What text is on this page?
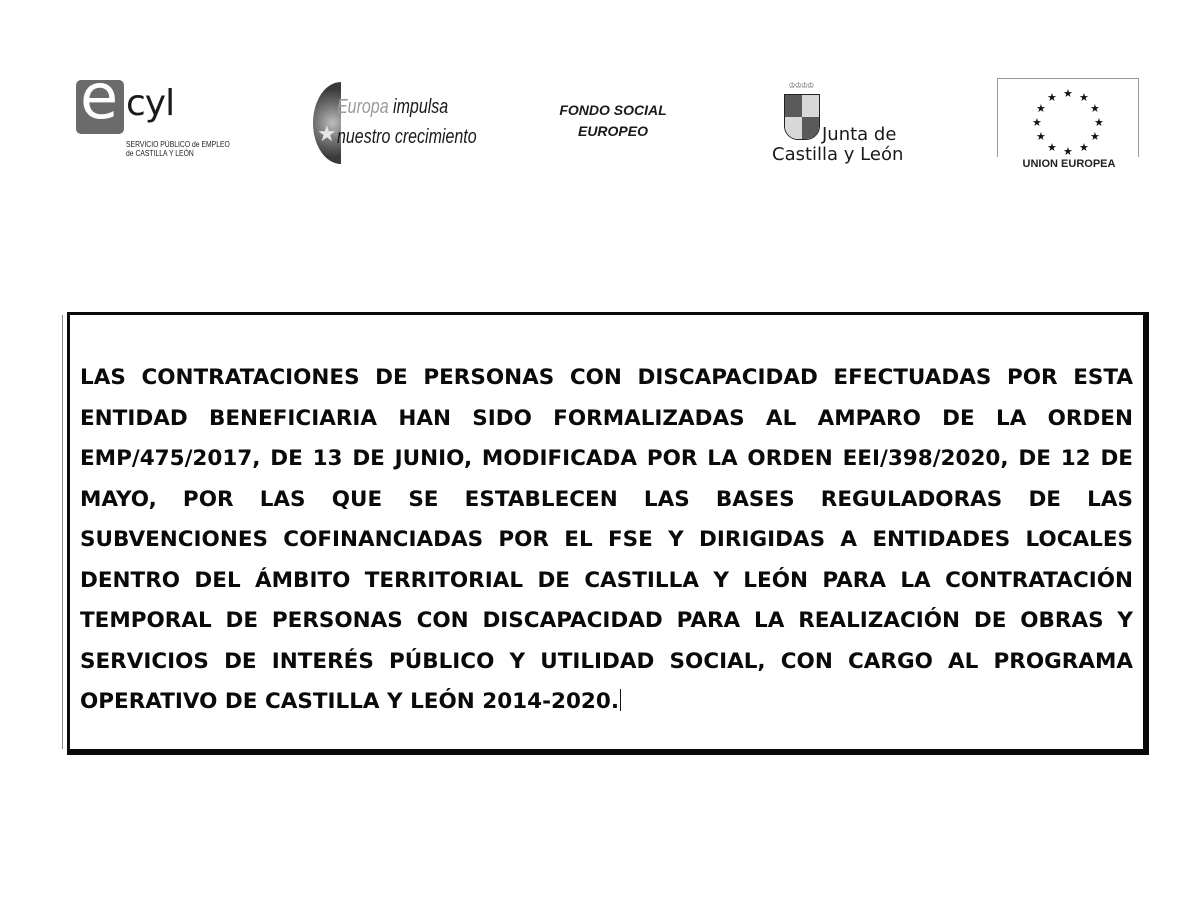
e cyl
SERVICIO PÚBLICO de EMPLEO
de CASTILLA Y LEÓN
★
Europa impulsa
nuestro crecimiento
FONDO SOCIAL
EUROPEO
♔♔♔♔
Junta de
Castilla y León
★ ★
★
★
★
★
★
★
★
★
★
★
UNION EUROPEA

LAS CONTRATACIONES DE PERSONAS CON DISCAPACIDAD EFECTUADAS POR ESTA ENTIDAD BENEFICIARIA HAN SIDO FORMALIZADAS AL AMPARO DE LA ORDEN EMP/475/2017, DE 13 DE JUNIO, MODIFICADA POR LA ORDEN EEI/398/2020, DE 12 DE MAYO, POR LAS QUE SE ESTABLECEN LAS BASES REGULADORAS DE LAS SUBVENCIONES COFINANCIADAS POR EL FSE Y DIRIGIDAS A ENTIDADES LOCALES DENTRO DEL ÁMBITO TERRITORIAL DE CASTILLA Y LEÓN PARA LA CONTRATACIÓN TEMPORAL DE PERSONAS CON DISCAPACIDAD PARA LA REALIZACIÓN DE OBRAS Y SERVICIOS DE INTERÉS PÚBLICO Y UTILIDAD SOCIAL, CON CARGO AL PROGRAMA OPERATIVO DE CASTILLA Y LEÓN 2014-2020.
